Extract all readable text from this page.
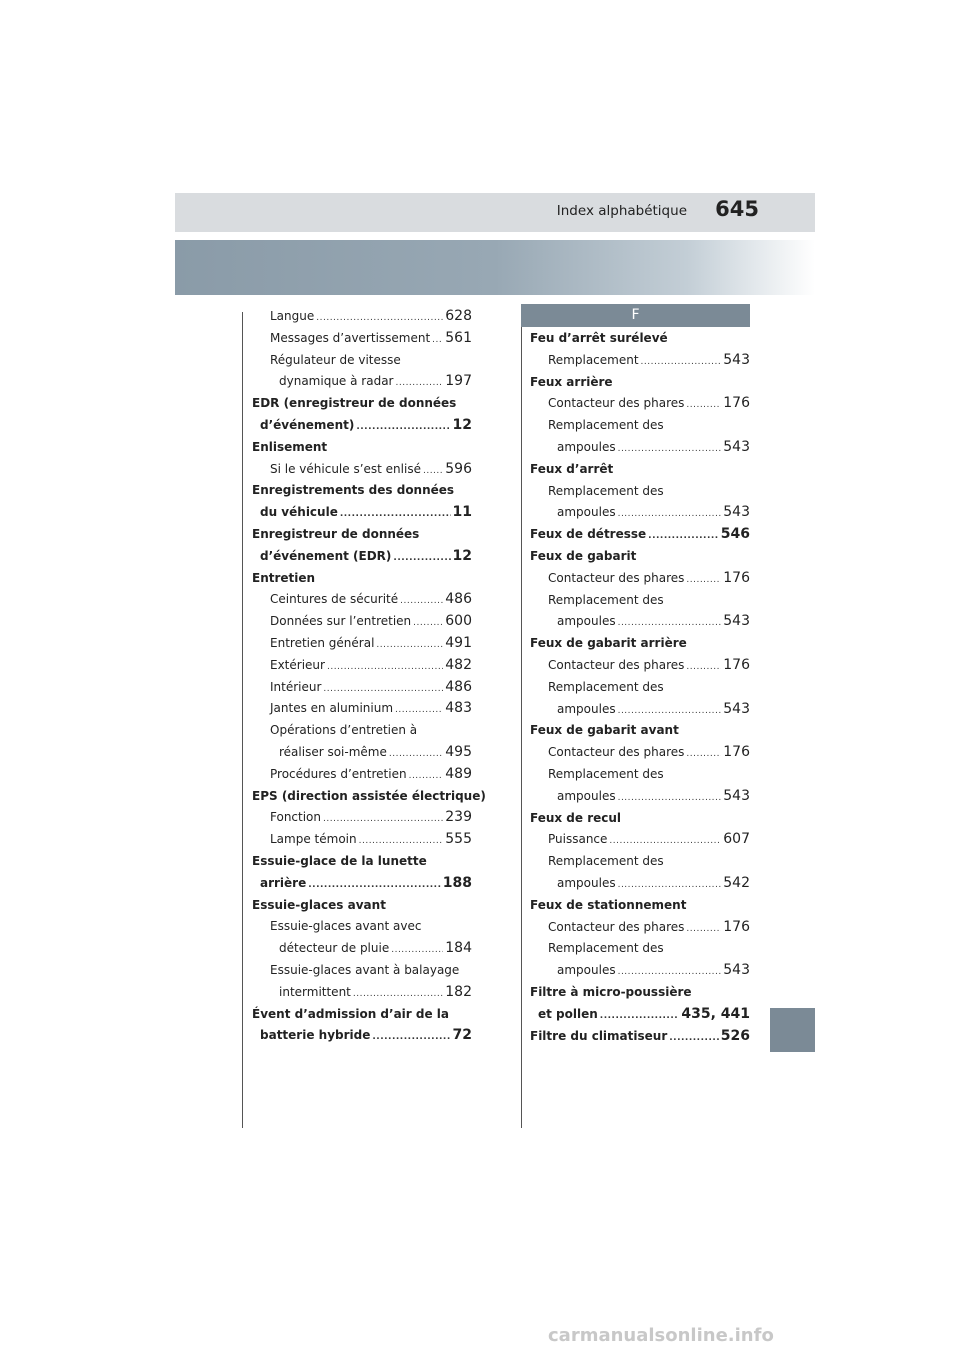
Index alphabétique 645
F
Langue .....	628
Messages d’avertissement ..... 561
Régulateur de vitesse
dynamique à radar .....	197
EDR (enregistreur de données
d’événement) .....	12
Enlisement
Si le véhicule s’est enlisé ..... 596
Enregistrements des données
du véhicule .....	11
Enregistreur de données
d’événement (EDR) .....	12
Entretien
Ceintures de sécurité .....	486
Données sur l’entretien ..... 600
Entretien général .....	491
Extérieur .....	482
Intérieur .....	486
Jantes en aluminium .....	483
Opérations d’entretien à
réaliser soi-même .....	495
Procédures d’entretien .....	489
EPS (direction assistée électrique)
Fonction .....	239
Lampe témoin .....	555
Essuie-glace de la lunette
arrière .....	188
Essuie-glaces avant
Essuie-glaces avant avec
détecteur de pluie .....	184
Essuie-glaces avant à balayage
intermittent .....	182
Évent d’admission d’air de la
batterie hybride .....	72
Feu d’arrêt surélevé
Remplacement .....	543
Feux arrière
Contacteur des phares .....	176
Remplacement des
ampoules .....	543
Feux d’arrêt
Remplacement des
ampoules .....	543
Feux de détresse .....	546
Feux de gabarit
Contacteur des phares .....	176
Remplacement des
ampoules .....	543
Feux de gabarit arrière
Contacteur des phares .....	176
Remplacement des
ampoules .....	543
Feux de gabarit avant
Contacteur des phares .....	176
Remplacement des
ampoules .....	543
Feux de recul
Puissance .....	607
Remplacement des
ampoules .....	542
Feux de stationnement
Contacteur des phares .....	176
Remplacement des
ampoules .....	543
Filtre à micro-poussière
et pollen .....	435, 441
Filtre du climatiseur .....	526
carmanualsonline.info
